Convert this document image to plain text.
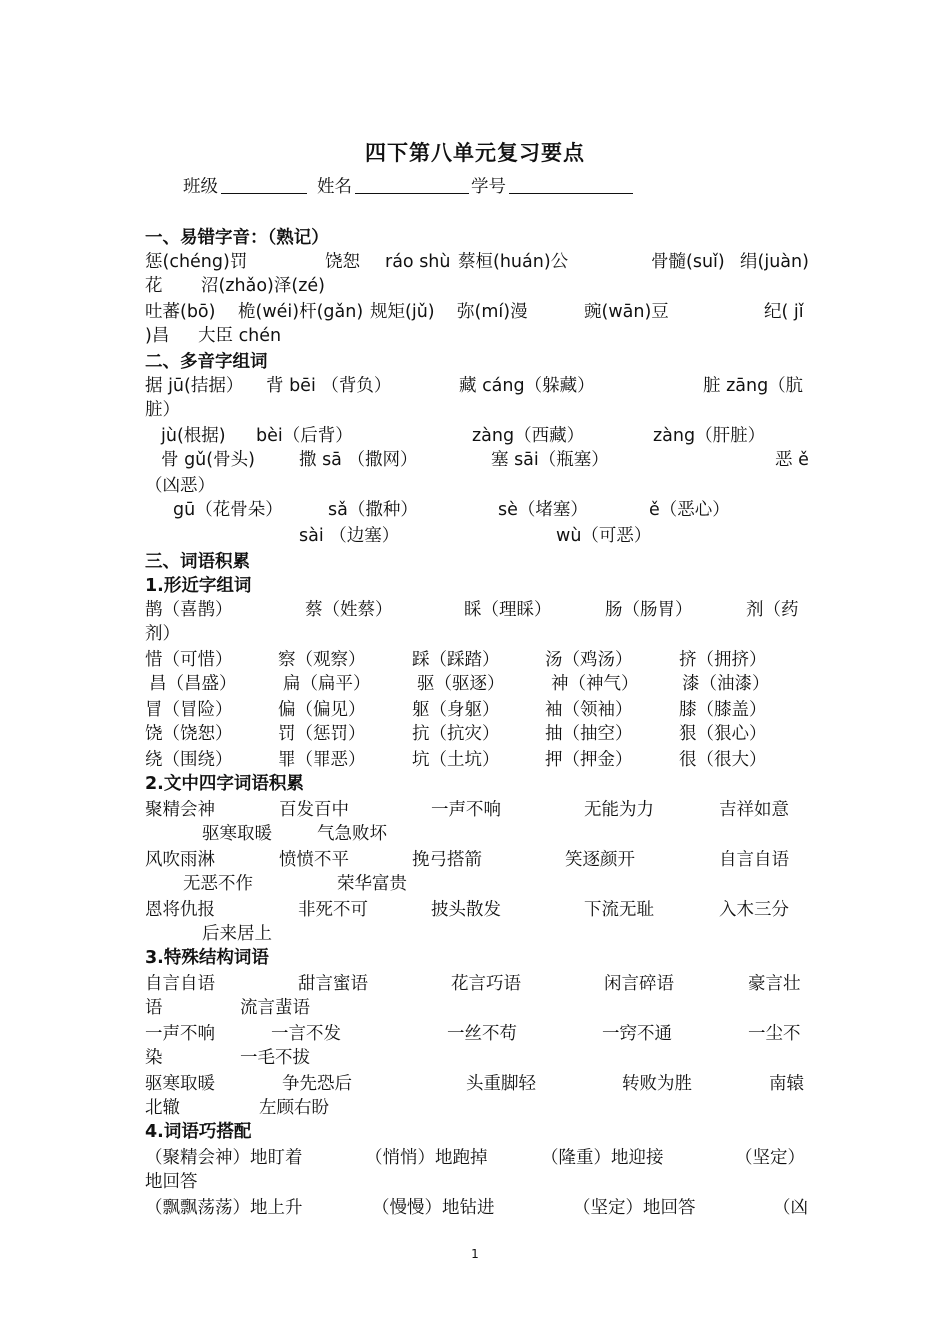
四下第八单元复习要点
班级	姓名	学号
一、易错字音：（熟记）
惩(chéng)罚	饶恕 ráo shù 蔡桓(huán)公	骨髓(suǐ) 绢(juàn)
花 沼(zhǎo)泽(zé)
吐蕃(bō) 桅(wéi)杆(gǎn) 规矩(jǔ) 弥(mí)漫	豌(wān)豆	纪( jǐ
)昌 大臣 chén
二、多音字组词
据 jū(拮据） 背 bēi （背负）	藏 cáng（躲藏）	脏 zāng（肮
脏）
jù(根据) bèi（后背）	zàng（西藏）	zàng（肝脏）
骨 gǔ(骨头)	撒 sā （撒网）	塞 sāi（瓶塞）	恶 ě
（凶恶）
gū（花骨朵）	sǎ（撒种）	sè（堵塞）	ě（恶心）
sài （边塞）	wù（可恶）
三、词语积累
1.形近字组词
鹊（喜鹊）	蔡（姓蔡）	睬（理睬）	肠（肠胃）	剂（药
剂）
惜（可惜）	察（观察）	踩（踩踏）	汤（鸡汤）	挤（拥挤）
昌（昌盛）	扁（扁平）	驱（驱逐）	神（神气） 漆（油漆）
冒（冒险）	偏（偏见）	躯（身躯）	袖（领袖）	膝（膝盖）
饶（饶恕）	罚（惩罚）	抗（抗灾）	抽（抽空）	狠（狠心）
绕（围绕）	罪（罪恶）	坑（土坑）	押（押金）	很（很大）
2.文中四字词语积累
聚精会神	百发百中	一声不响	无能为力	吉祥如意
驱寒取暖	气急败坏
风吹雨淋	愤愤不平	挽弓搭箭	笑逐颜开	自言自语
无恶不作	荣华富贵
恩将仇报	非死不可	披头散发	下流无耻	入木三分
后来居上
3.特殊结构词语
自言自语	甜言蜜语	花言巧语	闲言碎语	豪言壮
语	流言蜚语
一声不响	一言不发	一丝不苟	一窍不通	一尘不
染	一毛不拔
驱寒取暖	争先恐后	头重脚轻	转败为胜	南辕
北辙	左顾右盼
4.词语巧搭配
（聚精会神）地盯着	（悄悄）地跑掉	（隆重）地迎接	（坚定）
地回答
（飘飘荡荡）地上升	（慢慢）地钻进	（坚定）地回答	（凶
1
